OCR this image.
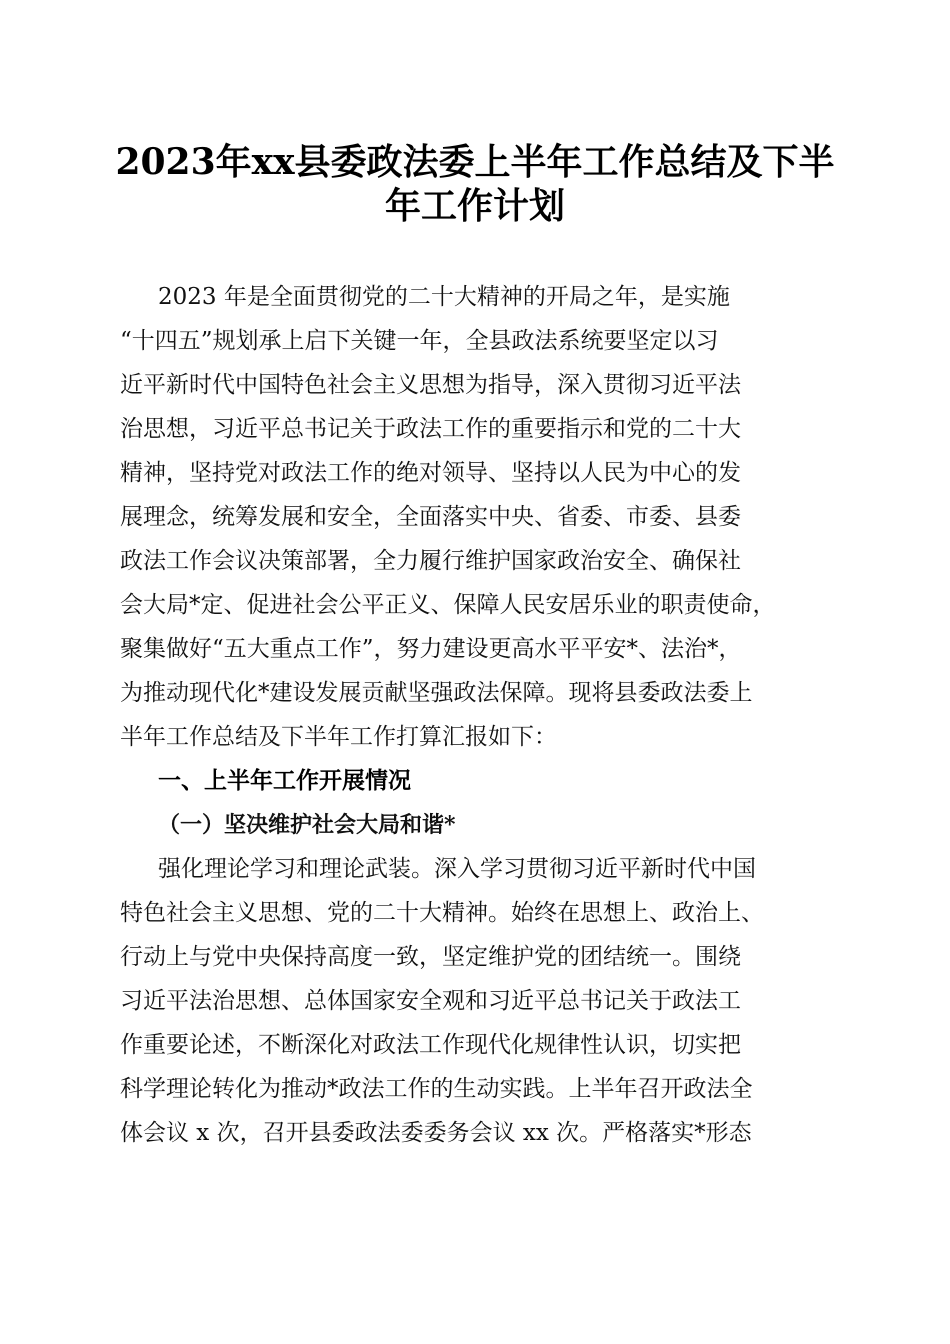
2023年xx县委政法委上半年工作总结及下半
年工作计划
2023 年是全面贯彻党的二十大精神的开局之年，是实施
“十四五”规划承上启下关键一年，全县政法系统要坚定以习
近平新时代中国特色社会主义思想为指导，深入贯彻习近平法
治思想，习近平总书记关于政法工作的重要指示和党的二十大
精神，坚持党对政法工作的绝对领导、坚持以人民为中心的发
展理念，统筹发展和安全，全面落实中央、省委、市委、县委
政法工作会议决策部署，全力履行维护国家政治安全、确保社
会大局*定、促进社会公平正义、保障人民安居乐业的职责使命，
聚集做好“五大重点工作”，努力建设更高水平平安*、法治*，
为推动现代化*建设发展贡献坚强政法保障。现将县委政法委上
半年工作总结及下半年工作打算汇报如下：
一、上半年工作开展情况
（一）坚决维护社会大局和谐*
强化理论学习和理论武装。深入学习贯彻习近平新时代中国
特色社会主义思想、党的二十大精神。始终在思想上、政治上、
行动上与党中央保持高度一致，坚定维护党的团结统一。围绕
习近平法治思想、总体国家安全观和习近平总书记关于政法工
作重要论述，不断深化对政法工作现代化规律性认识，切实把
科学理论转化为推动*政法工作的生动实践。上半年召开政法全
体会议 x 次，召开县委政法委委务会议 xx 次。严格落实*形态
